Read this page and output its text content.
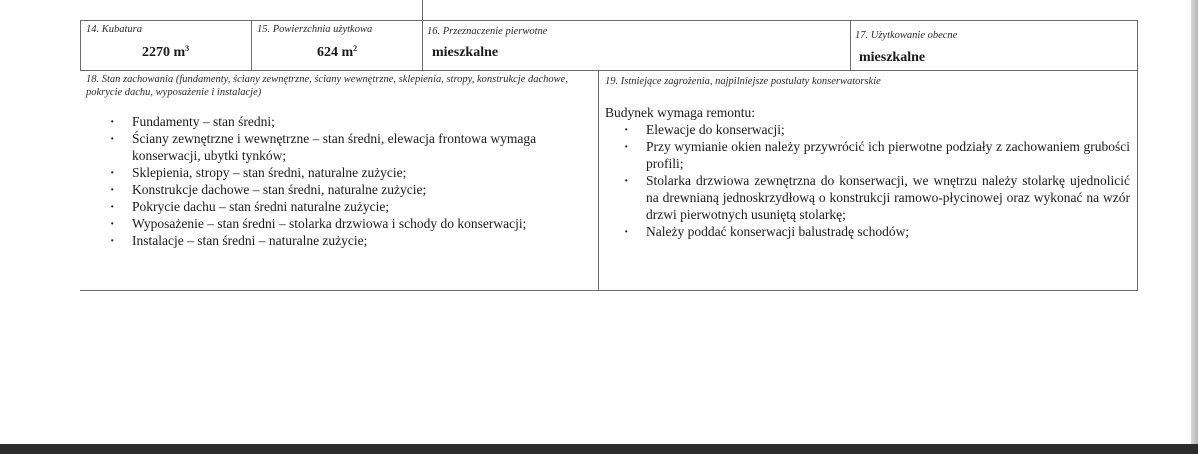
14. Kubatura
2270 $m^3$
15. Powierzchnia użytkowa
624 $m^2$
16. Przeznaczenie pierwotne
mieszkalne
17. Użytkowanie obecne
mieszkalne
18. Stan zachowania (fundamenty, ściany zewnętrzne, ściany wewnętrzne, sklepienia, stropy, konstrukcje dachowe, pokrycie dachu, wyposażenie i instalacje)
· Fundamenty – stan średni;
· Ściany zewnętrzne i wewnętrzne – stan średni, elewacja frontowa wymaga konserwacji, ubytki tynków;
· Sklepienia, stropy – stan średni, naturalne zużycie;
· Konstrukcje dachowe – stan średni, naturalne zużycie;
· Pokrycie dachu – stan średni naturalne zużycie;
· Wyposażenie – stan średni – stolarka drzwiowa i schody do konserwacji;
· Instalacje – stan średni – naturalne zużycie;
19. Istniejące zagrożenia, najpilniejsze postulaty konserwatorskie
Budynek wymaga remontu:
· Elewacje do konserwacji;
· Przy wymianie okien należy przywrócić ich pierwotne podziały z zachowaniem grubości profili;
· Stolarka drzwiowa zewnętrzna do konserwacji, we wnętrzu należy stolarkę ujednolicić na drewnianą jednoskrzydłową o konstrukcji ramowo-płycinowej oraz wykonać na wzór drzwi pierwotnych usuniętą stolarkę;
· Należy poddać konserwacji balustradę schodów;
